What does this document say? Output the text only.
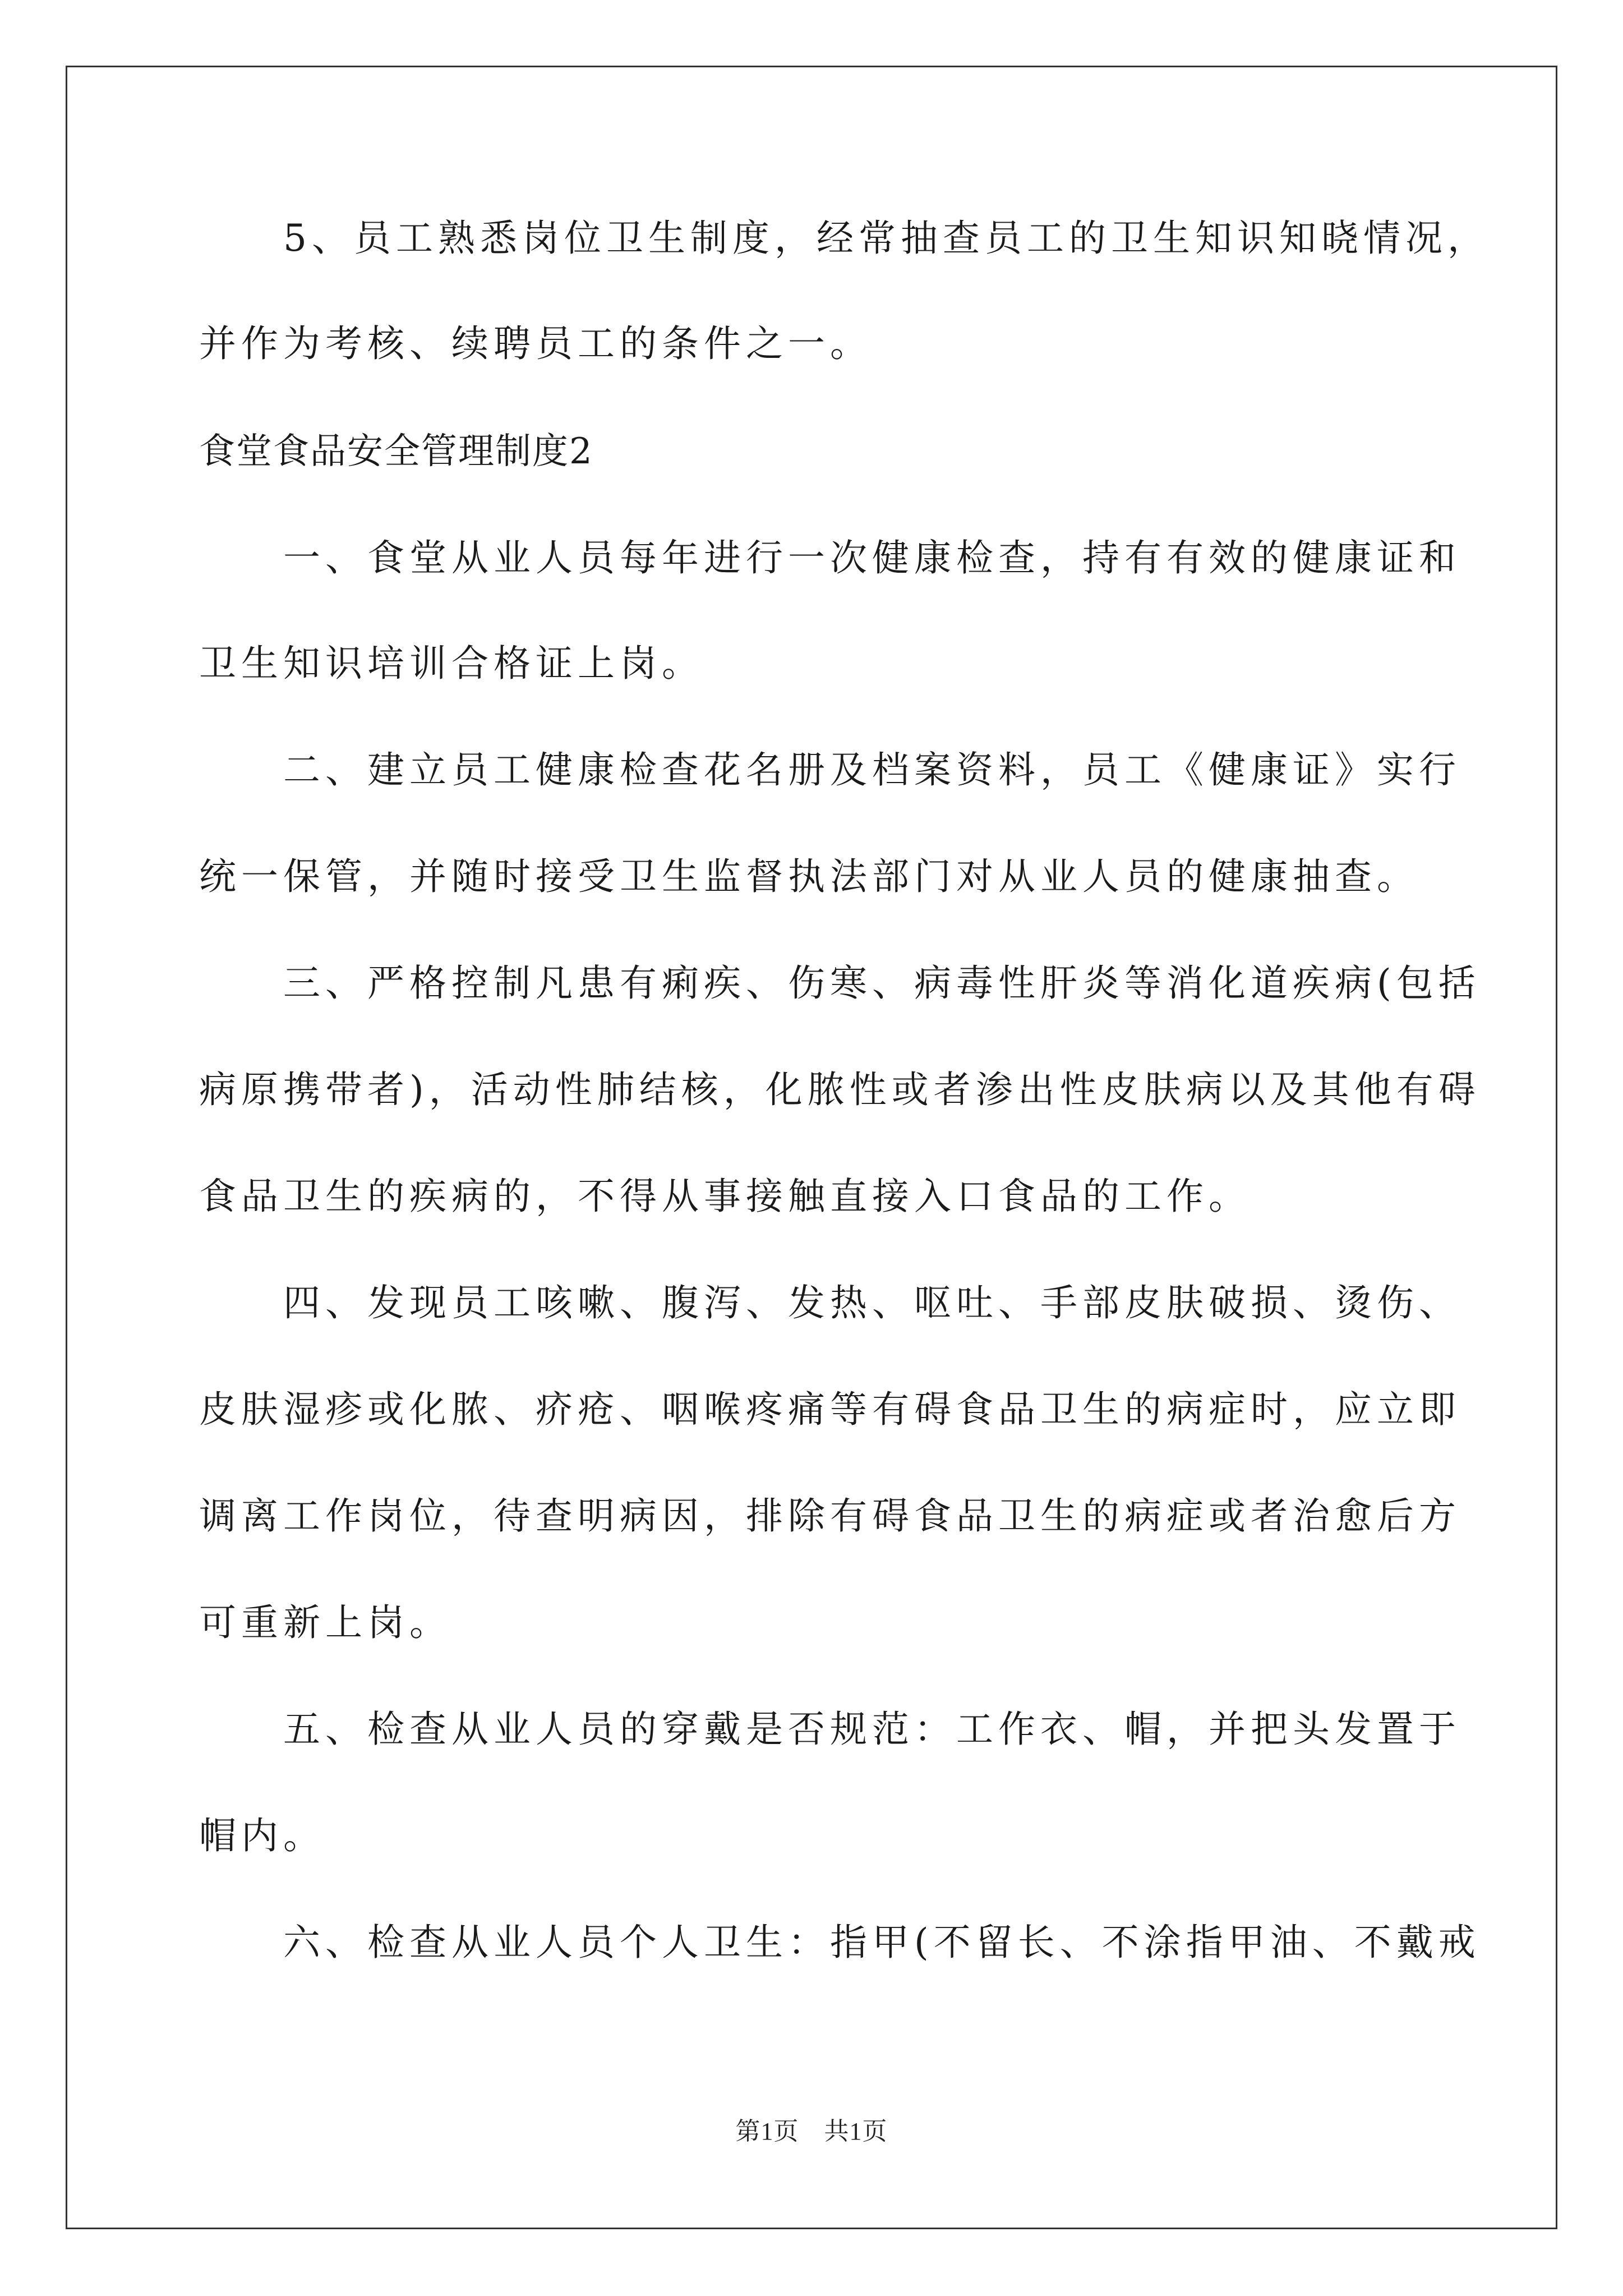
　　5、员工熟悉岗位卫生制度，经常抽查员工的卫生知识知晓情况，
并作为考核、续聘员工的条件之一。
食堂食品安全管理制度2
　　一、食堂从业人员每年进行一次健康检查，持有有效的健康证和
卫生知识培训合格证上岗。
　　二、建立员工健康检查花名册及档案资料，员工《健康证》实行
统一保管，并随时接受卫生监督执法部门对从业人员的健康抽查。
　　三、严格控制凡患有痢疾、伤寒、病毒性肝炎等消化道疾病(包括
病原携带者)，活动性肺结核，化脓性或者渗出性皮肤病以及其他有碍
食品卫生的疾病的，不得从事接触直接入口食品的工作。
　　四、发现员工咳嗽、腹泻、发热、呕吐、手部皮肤破损、烫伤、
皮肤湿疹或化脓、疥疮、咽喉疼痛等有碍食品卫生的病症时，应立即
调离工作岗位，待查明病因，排除有碍食品卫生的病症或者治愈后方
可重新上岗。
　　五、检查从业人员的穿戴是否规范：工作衣、帽，并把头发置于
帽内。
　　六、检查从业人员个人卫生：指甲(不留长、不涂指甲油、不戴戒
第1页　共1页
